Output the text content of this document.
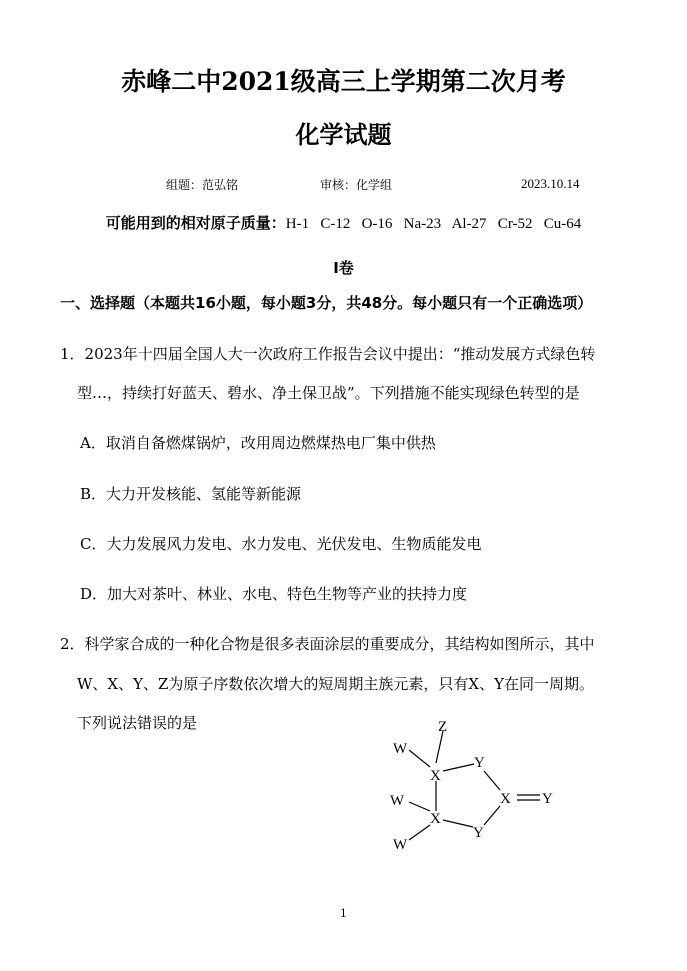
赤峰二中2021级高三上学期第二次月考
化学试题
组题：范弘铭	审核：化学组	2023.10.14
可能用到的相对原子质量：H-1   C-12   O-16   Na-23   Al-27   Cr-52   Cu-64
Ⅰ卷
一、选择题（本题共16小题，每小题3分，共48分。每小题只有一个正确选项）
1．2023年十四届全国人大一次政府工作报告会议中提出：“推动发展方式绿色转
型…，持续打好蓝天、碧水、净土保卫战”。下列措施不能实现绿色转型的是
A．取消自备燃煤锅炉，改用周边燃煤热电厂集中供热
B．大力开发核能、氢能等新能源
C．大力发展风力发电、水力发电、光伏发电、生物质能发电
D．加大对茶叶、林业、水电、特色生物等产业的扶持力度
2．科学家合成的一种化合物是很多表面涂层的重要成分，其结构如图所示，其中
W、X、Y、Z为原子序数依次增大的短周期主族元素，只有X、Y在同一周期。
下列说法错误的是	Z
W
X
Y
W	X Y
X
Y
W
1
